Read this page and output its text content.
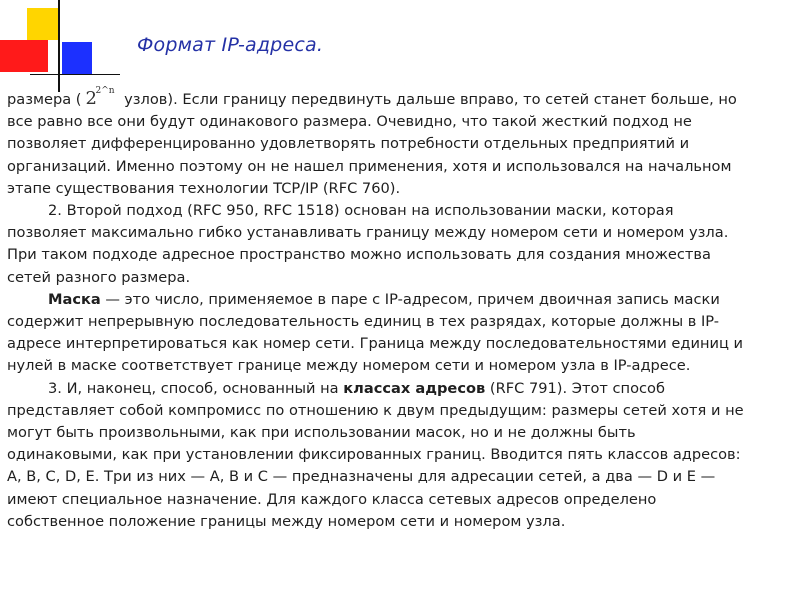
Формат IP-адреса.
размера ( 2
2^n узлов). Если границу передвинуть дальше вправо, то сетей станет больше, но
все равно все они будут одинакового размера. Очевидно, что такой жесткий подход не
позволяет дифференцированно удовлетворять потребности отдельных предприятий и
организаций. Именно поэтому он не нашел применения, хотя и использовался на начальном
этапе существования технологии TCP/IP (RFC 760).
2. Второй подход (RFC 950, RFC 1518) основан на использовании маски, которая
позволяет максимально гибко устанавливать границу между номером сети и номером узла.
При таком подходе адресное пространство можно использовать для создания множества
сетей разного размера.
Маска — это число, применяемое в паре с IP-адресом, причем двоичная запись маски
содержит непрерывную последовательность единиц в тех разрядах, которые должны в IP-
адресе интерпретироваться как номер сети. Граница между последовательностями единиц и
нулей в маске соответствует границе между номером сети и номером узла в IP-адресе.
3. И, наконец, способ, основанный на классах адресов (RFC 791). Этот способ
представляет собой компромисс по отношению к двум предыдущим: размеры сетей хотя и не
могут быть произвольными, как при использовании масок, но и не должны быть
одинаковыми, как при установлении фиксированных границ. Вводится пять классов адресов:
А, В, С, D, Е. Три из них — А, В и С — предназначены для адресации сетей, а два — D и Е —
имеют специальное назначение. Для каждого класса сетевых адресов определено
собственное положение границы между номером сети и номером узла.
